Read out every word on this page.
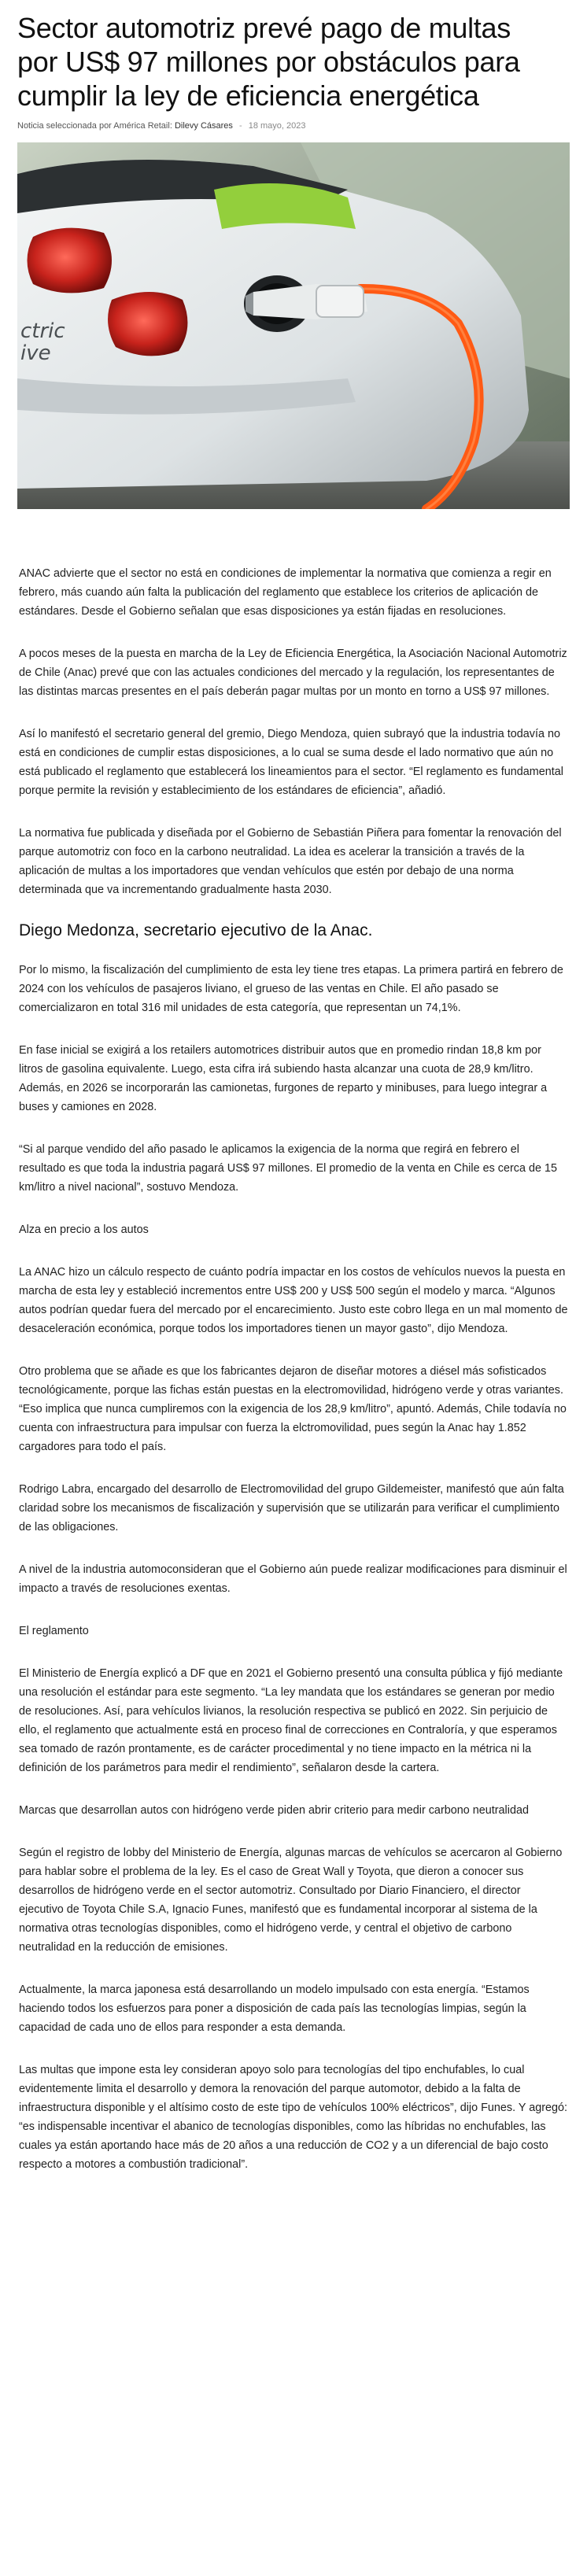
Sector automotriz prevé pago de multas por US$ 97 millones por obstáculos para cumplir la ley de eficiencia energética
Noticia seleccionada por América Retail: Dilevy Cásares - 18 mayo, 2023
ctric
ive

ANAC advierte que el sector no está en condiciones de implementar la normativa que comienza a regir en febrero, más cuando aún falta la publicación del reglamento que establece los criterios de aplicación de estándares. Desde el Gobierno señalan que esas disposiciones ya están fijadas en resoluciones.

A pocos meses de la puesta en marcha de la Ley de Eficiencia Energética, la Asociación Nacional Automotriz de Chile (Anac) prevé que con las actuales condiciones del mercado y la regulación, los representantes de las distintas marcas presentes en el país deberán pagar multas por un monto en torno a US$ 97 millones.

Así lo manifestó el secretario general del gremio, Diego Mendoza, quien subrayó que la industria todavía no está en condiciones de cumplir estas disposiciones, a lo cual se suma desde el lado normativo que aún no está publicado el reglamento que establecerá los lineamientos para el sector. “El reglamento es fundamental porque permite la revisión y establecimiento de los estándares de eficiencia”, añadió.

La normativa fue publicada y diseñada por el Gobierno de Sebastián Piñera para fomentar la renovación del parque automotriz con foco en la carbono neutralidad. La idea es acelerar la transición a través de la aplicación de multas a los importadores que vendan vehículos que estén por debajo de una norma determinada que va incrementando gradualmente hasta 2030.

Diego Medonza, secretario ejecutivo de la Anac.

Por lo mismo, la fiscalización del cumplimiento de esta ley tiene tres etapas. La primera partirá en febrero de 2024 con los vehículos de pasajeros liviano, el grueso de las ventas en Chile. El año pasado se comercializaron en total 316 mil unidades de esta categoría, que representan un 74,1%.

En fase inicial se exigirá a los retailers automotrices distribuir autos que en promedio rindan 18,8 km por litros de gasolina equivalente. Luego, esta cifra irá subiendo hasta alcanzar una cuota de 28,9 km/litro. Además, en 2026 se incorporarán las camionetas, furgones de reparto y minibuses, para luego integrar a buses y camiones en 2028.

“Si al parque vendido del año pasado le aplicamos la exigencia de la norma que regirá en febrero el resultado es que toda la industria pagará US$ 97 millones. El promedio de la venta en Chile es cerca de 15 km/litro a nivel nacional”, sostuvo Mendoza.

Alza en precio a los autos

La ANAC hizo un cálculo respecto de cuánto podría impactar en los costos de vehículos nuevos la puesta en marcha de esta ley y estableció incrementos entre US$ 200 y US$ 500 según el modelo y marca. “Algunos autos podrían quedar fuera del mercado por el encarecimiento. Justo este cobro llega en un mal momento de desaceleración económica, porque todos los importadores tienen un mayor gasto”, dijo Mendoza.

Otro problema que se añade es que los fabricantes dejaron de diseñar motores a diésel más sofisticados tecnológicamente, porque las fichas están puestas en la electromovilidad, hidrógeno verde y otras variantes. “Eso implica que nunca cumpliremos con la exigencia de los 28,9 km/litro”, apuntó. Además, Chile todavía no cuenta con infraestructura para impulsar con fuerza la elctromovilidad, pues según la Anac hay 1.852 cargadores para todo el país.

Rodrigo Labra, encargado del desarrollo de Electromovilidad del grupo Gildemeister, manifestó que aún falta claridad sobre los mecanismos de fiscalización y supervisión que se utilizarán para verificar el cumplimiento de las obligaciones.

A nivel de la industria automoconsideran que el Gobierno aún puede realizar modificaciones para disminuir el impacto a través de resoluciones exentas.

El reglamento

El Ministerio de Energía explicó a DF que en 2021 el Gobierno presentó una consulta pública y fijó mediante una resolución el estándar para este segmento. “La ley mandata que los estándares se generan por medio de resoluciones. Así, para vehículos livianos, la resolución respectiva se publicó en 2022. Sin perjuicio de ello, el reglamento que actualmente está en proceso final de correcciones en Contraloría, y que esperamos sea tomado de razón prontamente, es de carácter procedimental y no tiene impacto en la métrica ni la definición de los parámetros para medir el rendimiento”, señalaron desde la cartera.

Marcas que desarrollan autos con hidrógeno verde piden abrir criterio para medir carbono neutralidad

Según el registro de lobby del Ministerio de Energía, algunas marcas de vehículos se acercaron al Gobierno para hablar sobre el problema de la ley. Es el caso de Great Wall y Toyota, que dieron a conocer sus desarrollos de hidrógeno verde en el sector automotriz. Consultado por Diario Financiero, el director ejecutivo de Toyota Chile S.A, Ignacio Funes, manifestó que es fundamental incorporar al sistema de la normativa otras tecnologías disponibles, como el hidrógeno verde, y central el objetivo de carbono neutralidad en la reducción de emisiones.

Actualmente, la marca japonesa está desarrollando un modelo impulsado con esta energía. “Estamos haciendo todos los esfuerzos para poner a disposición de cada país las tecnologías limpias, según la capacidad de cada uno de ellos para responder a esta demanda.

Las multas que impone esta ley consideran apoyo solo para tecnologías del tipo enchufables, lo cual evidentemente limita el desarrollo y demora la renovación del parque automotor, debido a la falta de infraestructura disponible y el altísimo costo de este tipo de vehículos 100% eléctricos”, dijo Funes. Y agregó: “es indispensable incentivar el abanico de tecnologías disponibles, como las híbridas no enchufables, las cuales ya están aportando hace más de 20 años a una reducción de CO2 y a un diferencial de bajo costo respecto a motores a combustión tradicional”.
